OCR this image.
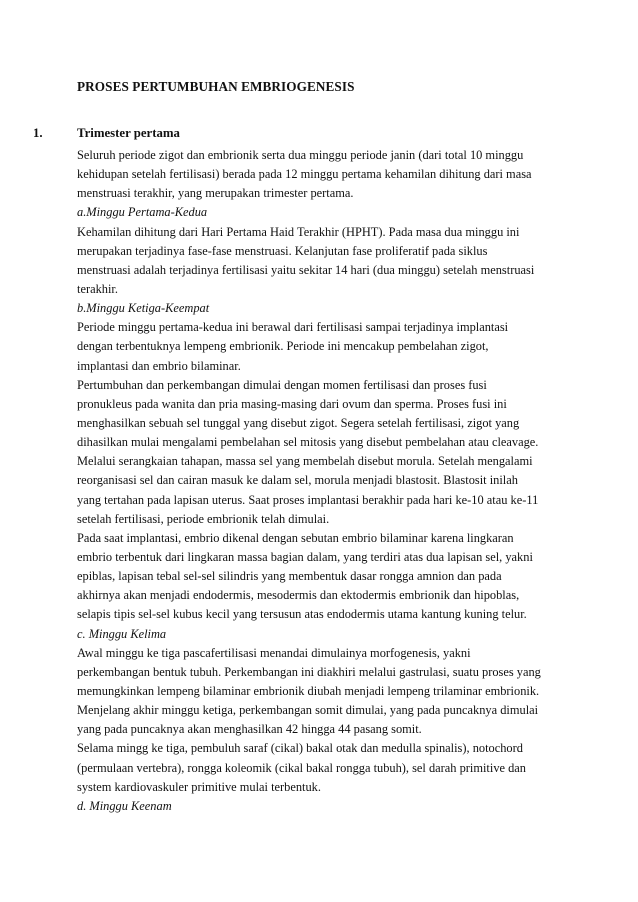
PROSES PERTUMBUHAN EMBRIOGENESIS
1.	Trimester pertama
Seluruh periode zigot dan embrionik serta dua minggu periode janin (dari total 10 minggu
kehidupan setelah fertilisasi) berada pada 12 minggu pertama kehamilan dihitung dari masa
menstruasi terakhir, yang merupakan trimester pertama.
a.Minggu Pertama-Kedua
Kehamilan dihitung dari Hari Pertama Haid Terakhir (HPHT). Pada masa dua minggu ini
merupakan terjadinya fase-fase menstruasi. Kelanjutan fase proliferatif pada siklus
menstruasi adalah terjadinya fertilisasi yaitu sekitar 14 hari (dua minggu) setelah menstruasi
terakhir.
b.Minggu Ketiga-Keempat
Periode minggu pertama-kedua ini berawal dari fertilisasi sampai terjadinya implantasi
dengan terbentuknya lempeng embrionik. Periode ini mencakup pembelahan zigot,
implantasi dan embrio bilaminar.
Pertumbuhan dan perkembangan dimulai dengan momen fertilisasi dan proses fusi
pronukleus pada wanita dan pria masing-masing dari ovum dan sperma. Proses fusi ini
menghasilkan sebuah sel tunggal yang disebut zigot. Segera setelah fertilisasi, zigot yang
dihasilkan mulai mengalami pembelahan sel mitosis yang disebut pembelahan atau cleavage.
Melalui serangkaian tahapan, massa sel yang membelah disebut morula. Setelah mengalami
reorganisasi sel dan cairan masuk ke dalam sel, morula menjadi blastosit. Blastosit inilah
yang tertahan pada lapisan uterus. Saat proses implantasi berakhir pada hari ke-10 atau ke-11
setelah fertilisasi, periode embrionik telah dimulai.
Pada saat implantasi, embrio dikenal dengan sebutan embrio bilaminar karena lingkaran
embrio terbentuk dari lingkaran massa bagian dalam, yang terdiri atas dua lapisan sel, yakni
epiblas, lapisan tebal sel-sel silindris yang membentuk dasar rongga amnion dan pada
akhirnya akan menjadi endodermis, mesodermis dan ektodermis embrionik dan hipoblas,
selapis tipis sel-sel kubus kecil yang tersusun atas endodermis utama kantung kuning telur.
c. Minggu Kelima
Awal minggu ke tiga pascafertilisasi menandai dimulainya morfogenesis, yakni
perkembangan bentuk tubuh. Perkembangan ini diakhiri melalui gastrulasi, suatu proses yang
memungkinkan lempeng bilaminar embrionik diubah menjadi lempeng trilaminar embrionik.
Menjelang akhir minggu ketiga, perkembangan somit dimulai, yang pada puncaknya dimulai
yang pada puncaknya akan menghasilkan 42 hingga 44 pasang somit.
Selama mingg ke tiga, pembuluh saraf (cikal) bakal otak dan medulla spinalis), notochord
(permulaan vertebra), rongga koleomik (cikal bakal rongga tubuh), sel darah primitive dan
system kardiovaskuler primitive mulai terbentuk.
d. Minggu Keenam
